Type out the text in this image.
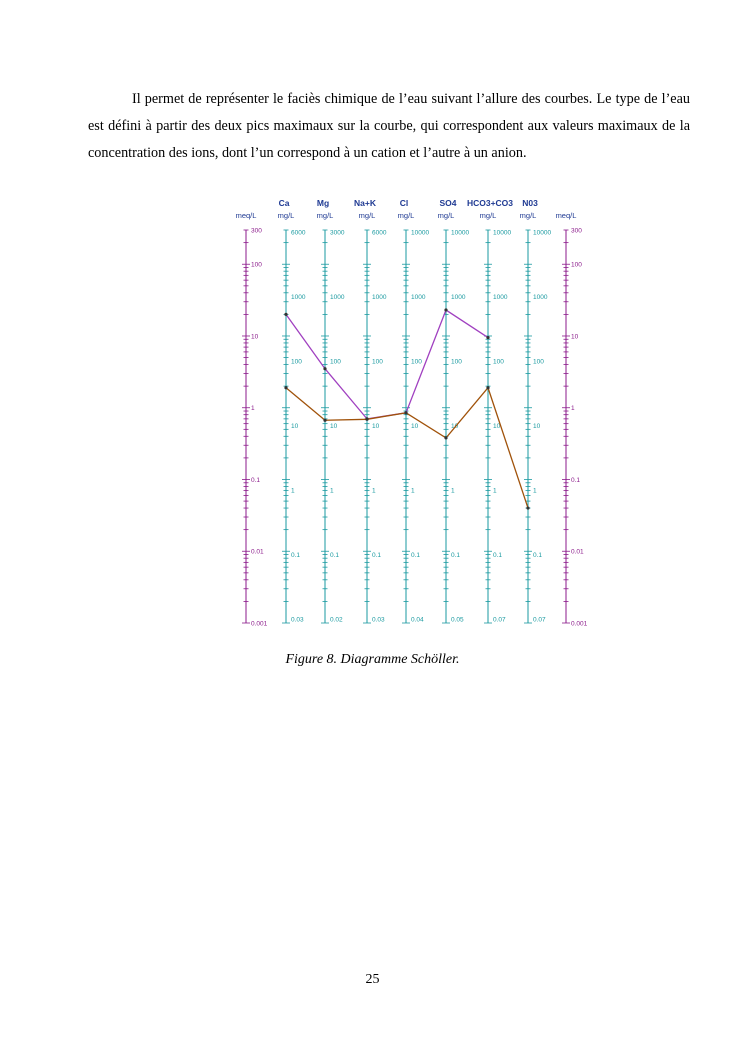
Il permet de représenter le faciès chimique de l’eau suivant l’allure des courbes. Le type de l’eau est défini à partir des deux pics maximaux sur la courbe, qui correspondent aux valeurs maximaux de la concentration des ions, dont l’un correspond à un cation et l’autre à un anion.

meq/L	meq/L
Ca
mg/L
Mg
mg/L
Na+K
mg/L
Cl
mg/L
SO4
mg/L
HCO3+CO3
mg/L
N03
mg/L
300
100
10
1
0.1
0.01
0.001
300
100
10
1
0.1
0.01
0.001
6000
1000
100
10
1
0.1
0.03
3000
1000
100
10
1
0.1
0.02
6000
1000
100
10
1
0.1
0.03
10000
1000
100
10
1
0.1
0.04
10000
1000
100
10
1
0.1
0.05
10000
1000
100
10
1
0.1
0.07
10000
1000
100
10
1
0.1
0.07
Figure 8. Diagramme Schöller.
25
